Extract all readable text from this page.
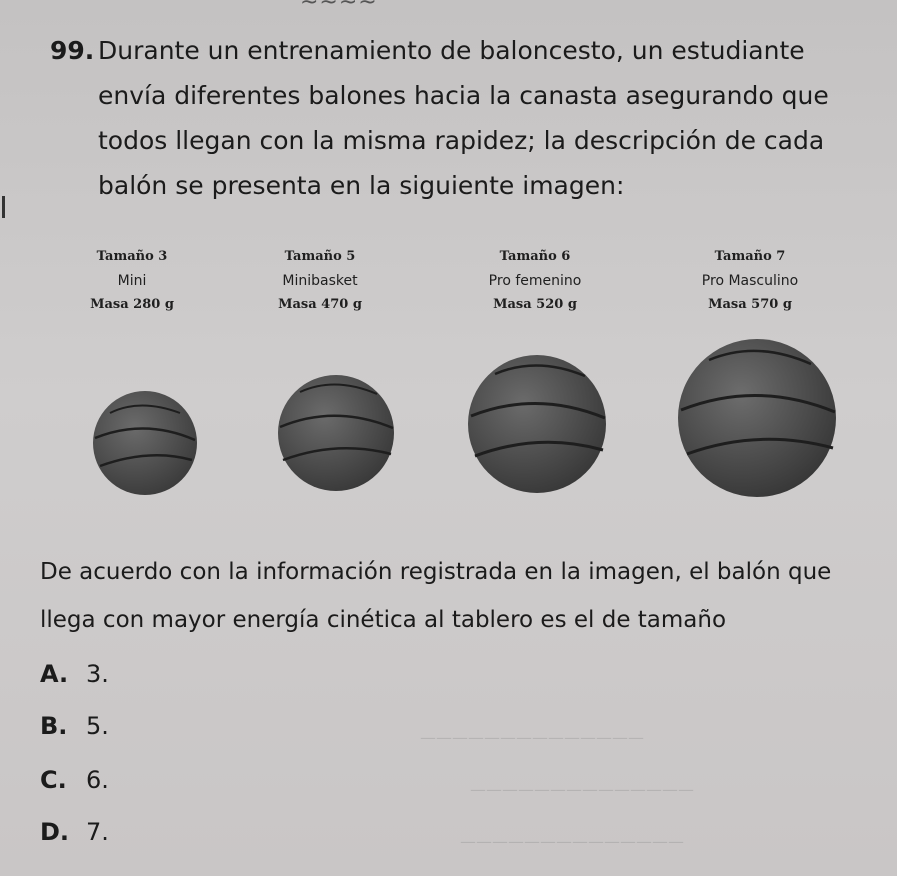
~~~~
99. Durante un entrenamiento de baloncesto, un estudiante envía diferentes balones hacia la canasta asegurando que todos llegan con la misma rapidez; la descripción de cada balón se presenta en la siguiente imagen:
Tamaño 3
Mini
Masa 280 g
Tamaño 5
Minibasket
Masa 470 g
Tamaño 6
Pro femenino
Masa 520 g
Tamaño 7
Pro Masculino
Masa 570 g
De acuerdo con la información registrada en la imagen, el balón que llega con mayor energía cinética al tablero es el de tamaño
A. 3.
B. 5.
C. 6.
D. 7.
——————————————
——————————————
——————————————
